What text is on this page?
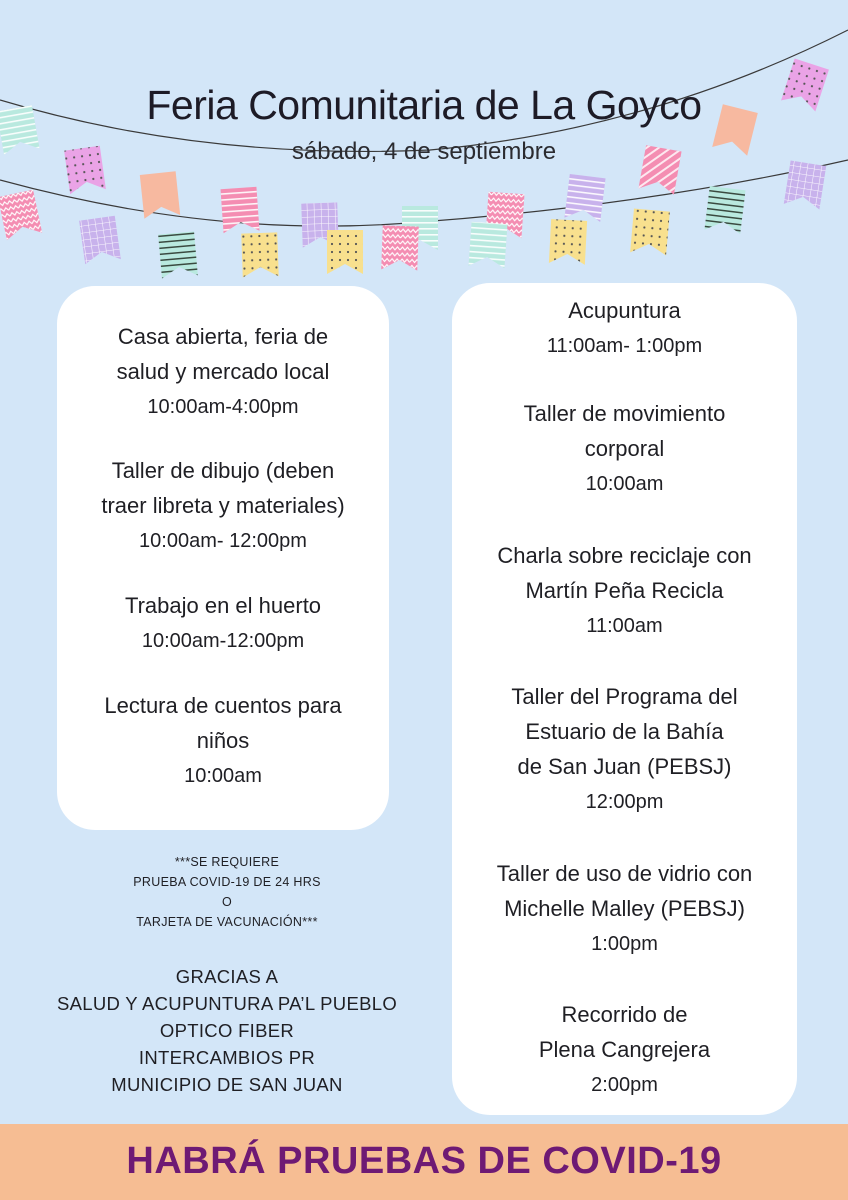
Feria Comunitaria de La Goyco
sábado, 4 de septiembre
Casa abierta, feria de
salud y mercado local
10:00am-4:00pm
Taller de dibujo (deben
traer libreta y materiales)
10:00am- 12:00pm
Trabajo en el huerto
10:00am-12:00pm
Lectura de cuentos para
niños
10:00am
Acupuntura
11:00am- 1:00pm
Taller de movimiento
corporal
10:00am
Charla sobre reciclaje con
Martín Peña Recicla
11:00am
Taller del Programa del
Estuario de la Bahía
de San Juan (PEBSJ)
12:00pm
Taller de uso de vidrio con
Michelle Malley (PEBSJ)
1:00pm
Recorrido de
Plena Cangrejera
2:00pm
***SE REQUIERE
PRUEBA COVID-19 DE 24 HRS
O
TARJETA DE VACUNACIÓN***
GRACIAS A
SALUD Y ACUPUNTURA PA’L PUEBLO
OPTICO FIBER
INTERCAMBIOS PR
MUNICIPIO DE SAN JUAN
HABRÁ PRUEBAS DE COVID-19
